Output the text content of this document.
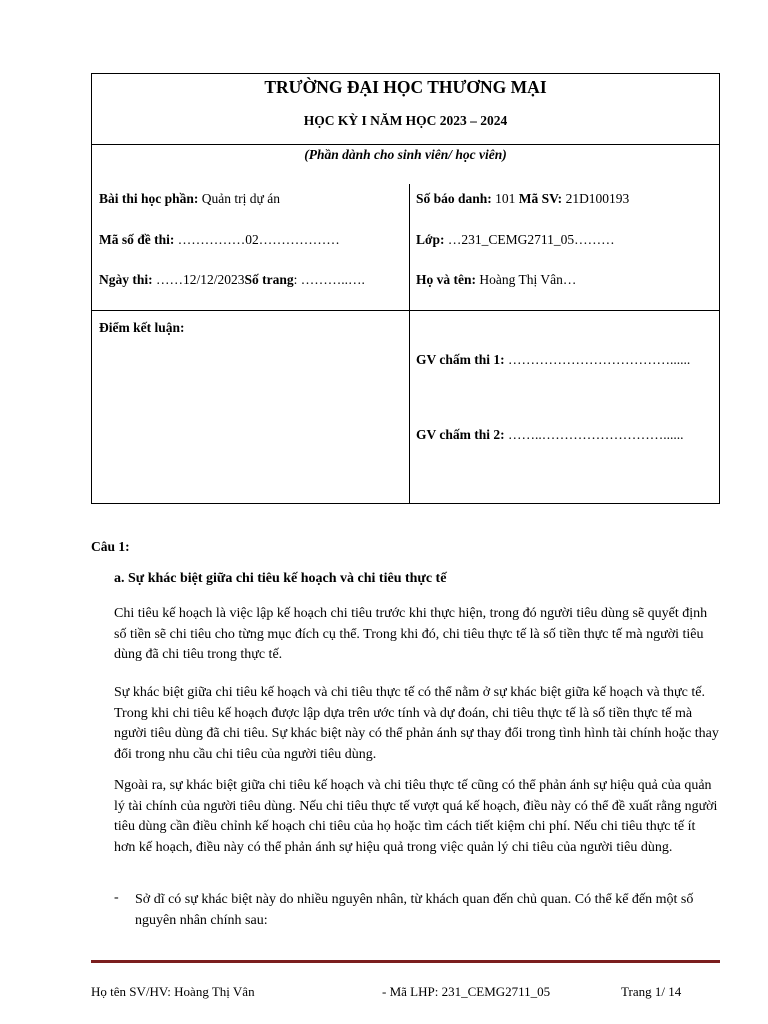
TRƯỜNG ĐẠI HỌC THƯƠNG MẠI
HỌC KỲ I NĂM HỌC 2023 – 2024
(Phần dành cho sinh viên/ học viên)
Bài thi học phần: Quản trị dự án
Mã số đề thi: ……………02………………
Ngày thi: ……12/12/2023Số trang: ………..….
Điểm kết luận:
Số báo danh: 101 Mã SV: 21D100193
Lớp: …231_CEMG2711_05………
Họ và tên: Hoàng Thị Vân…
GV chấm thi 1: ………………………………......
GV chấm thi 2: ……..………………………......
Câu 1:
a. Sự khác biệt giữa chi tiêu kế hoạch và chi tiêu thực tế
Chi tiêu kế hoạch là việc lập kế hoạch chi tiêu trước khi thực hiện, trong đó người tiêu dùng sẽ quyết định số tiền sẽ chi tiêu cho từng mục đích cụ thể. Trong khi đó, chi tiêu thực tế là số tiền thực tế mà người tiêu dùng đã chi tiêu trong thực tế.
Sự khác biệt giữa chi tiêu kế hoạch và chi tiêu thực tế có thể nằm ở sự khác biệt giữa kế hoạch và thực tế. Trong khi chi tiêu kế hoạch được lập dựa trên ước tính và dự đoán, chi tiêu thực tế là số tiền thực tế mà người tiêu dùng đã chi tiêu. Sự khác biệt này có thể phản ánh sự thay đổi trong tình hình tài chính hoặc thay đổi trong nhu cầu chi tiêu của người tiêu dùng.
Ngoài ra, sự khác biệt giữa chi tiêu kế hoạch và chi tiêu thực tế cũng có thể phản ánh sự hiệu quả của quản lý tài chính của người tiêu dùng. Nếu chi tiêu thực tế vượt quá kế hoạch, điều này có thể đề xuất rằng người tiêu dùng cần điều chỉnh kế hoạch chi tiêu của họ hoặc tìm cách tiết kiệm chi phí. Nếu chi tiêu thực tế ít hơn kế hoạch, điều này có thể phản ánh sự hiệu quả trong việc quản lý chi tiêu của người tiêu dùng.
- Sở dĩ có sự khác biệt này do nhiều nguyên nhân, từ khách quan đến chủ quan. Có thể kể đến một số nguyên nhân chính sau:
Họ tên SV/HV: Hoàng Thị Vân	- Mã LHP: 231_CEMG2711_05	Trang 1/ 14
